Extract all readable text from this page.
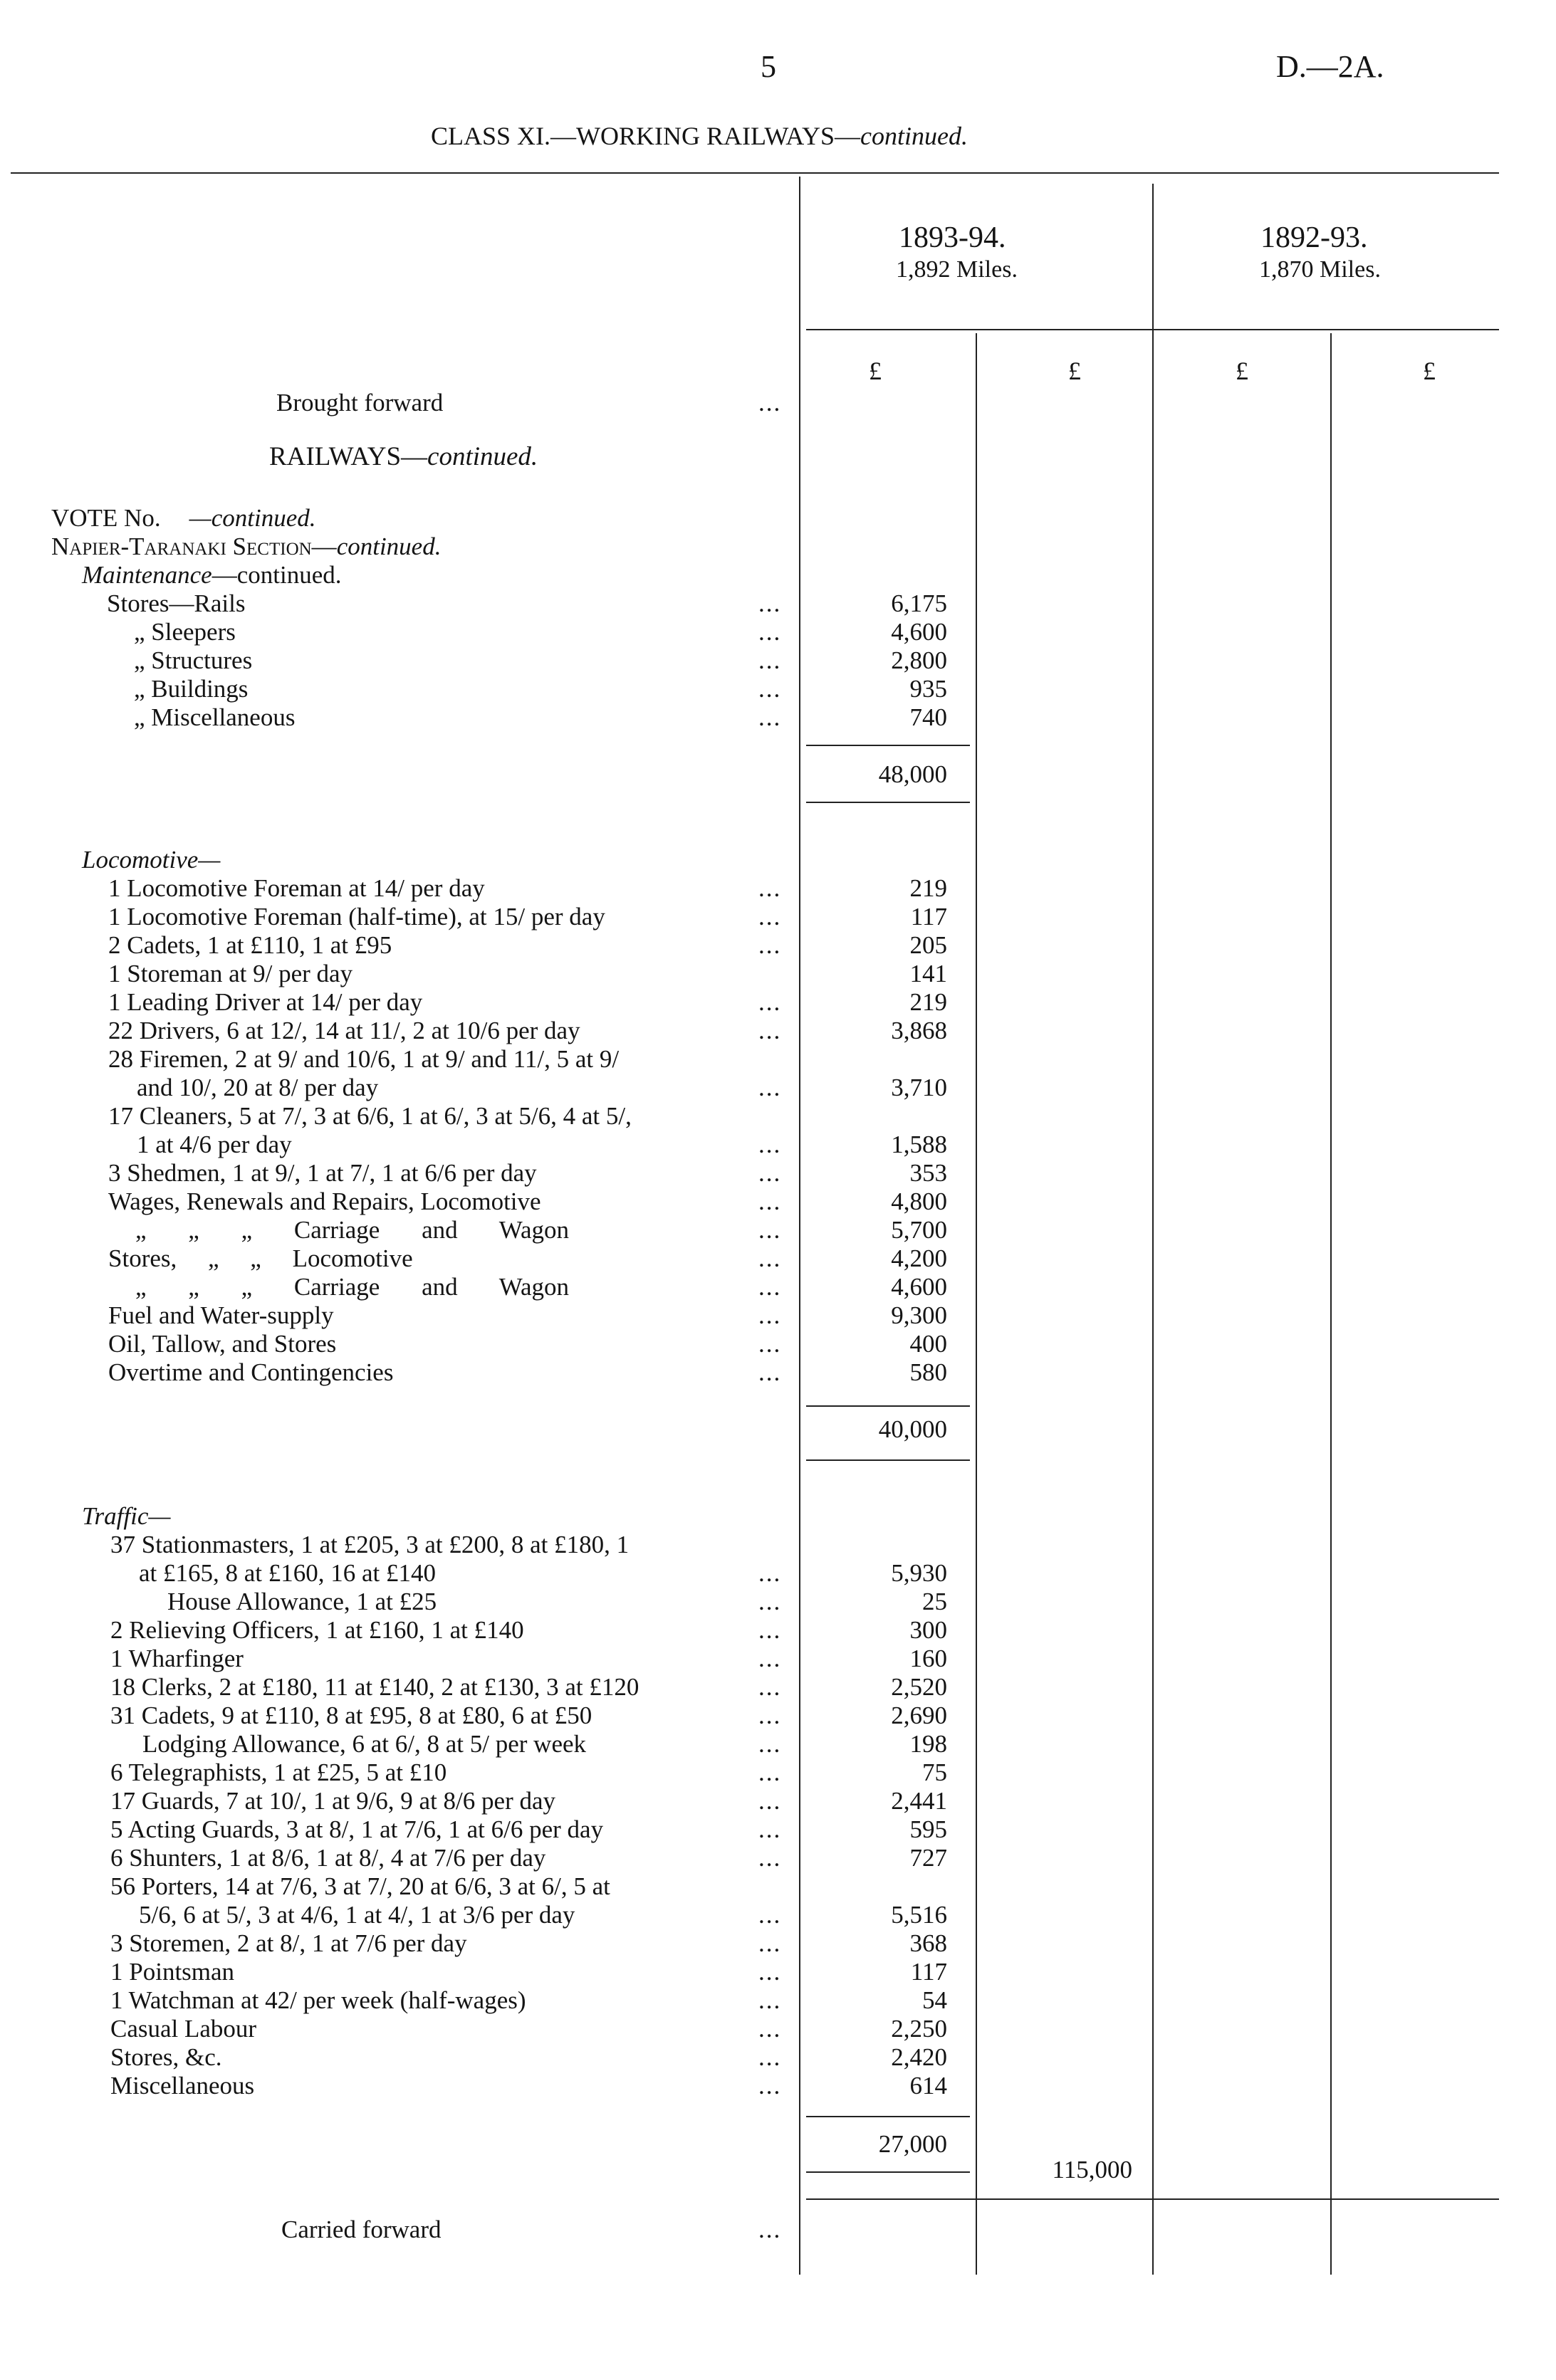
5	D.—2A.
CLASS XI.—WORKING RAILWAYS—continued.
1893-94.
1,892 Miles.
1892-93.
1,870 Miles.
£	£	£	£
Brought forward	...
RAILWAYS—continued.
VOTE No. —continued.
Napier-Taranaki Section—continued.
Maintenance—continued.
Stores—Rails	...	6,175
„ Sleepers	...	4,600
„ Structures	...	2,800
„ Buildings	...	935
„ Miscellaneous	...	740
48,000
Locomotive—
1 Locomotive Foreman at 14/ per day	...	219
1 Locomotive Foreman (half-time), at 15/ per day	...	117
2 Cadets, 1 at £110, 1 at £95	...	205
1 Storeman at 9/ per day	141
1 Leading Driver at 14/ per day	...	219
22 Drivers, 6 at 12/, 14 at 11/, 2 at 10/6 per day	...	3,868
28 Firemen, 2 at 9/ and 10/6, 1 at 9/ and 11/, 5 at 9/
and 10/, 20 at 8/ per day	...	3,710
17 Cleaners, 5 at 7/, 3 at 6/6, 1 at 6/, 3 at 5/6, 4 at 5/,
1 at 4/6 per day	...	1,588
3 Shedmen, 1 at 9/, 1 at 7/, 1 at 6/6 per day	...	353
Wages, Renewals and Repairs, Locomotive	...	4,800
„ „ „ Carriage and Wagon	...	5,700
Stores, „ „ Locomotive	...	4,200
„ „ „ Carriage and Wagon	...	4,600
Fuel and Water-supply	...	9,300
Oil, Tallow, and Stores	...	400
Overtime and Contingencies	...	580
40,000
Traffic—
37 Stationmasters, 1 at £205, 3 at £200, 8 at £180, 1
at £165, 8 at £160, 16 at £140	...	5,930
House Allowance, 1 at £25	...	25
2 Relieving Officers, 1 at £160, 1 at £140	...	300
1 Wharfinger	...	160
18 Clerks, 2 at £180, 11 at £140, 2 at £130, 3 at £120	...	2,520
31 Cadets, 9 at £110, 8 at £95, 8 at £80, 6 at £50	...	2,690
Lodging Allowance, 6 at 6/, 8 at 5/ per week	...	198
6 Telegraphists, 1 at £25, 5 at £10	...	75
17 Guards, 7 at 10/, 1 at 9/6, 9 at 8/6 per day	...	2,441
5 Acting Guards, 3 at 8/, 1 at 7/6, 1 at 6/6 per day	...	595
6 Shunters, 1 at 8/6, 1 at 8/, 4 at 7/6 per day	...	727
56 Porters, 14 at 7/6, 3 at 7/, 20 at 6/6, 3 at 6/, 5 at
5/6, 6 at 5/, 3 at 4/6, 1 at 4/, 1 at 3/6 per day	...	5,516
3 Storemen, 2 at 8/, 1 at 7/6 per day	...	368
1 Pointsman	...	117
1 Watchman at 42/ per week (half-wages)	...	54
Casual Labour	...	2,250
Stores, &c.	...	2,420
Miscellaneous	...	614
27,000
115,000
Carried forward	...
